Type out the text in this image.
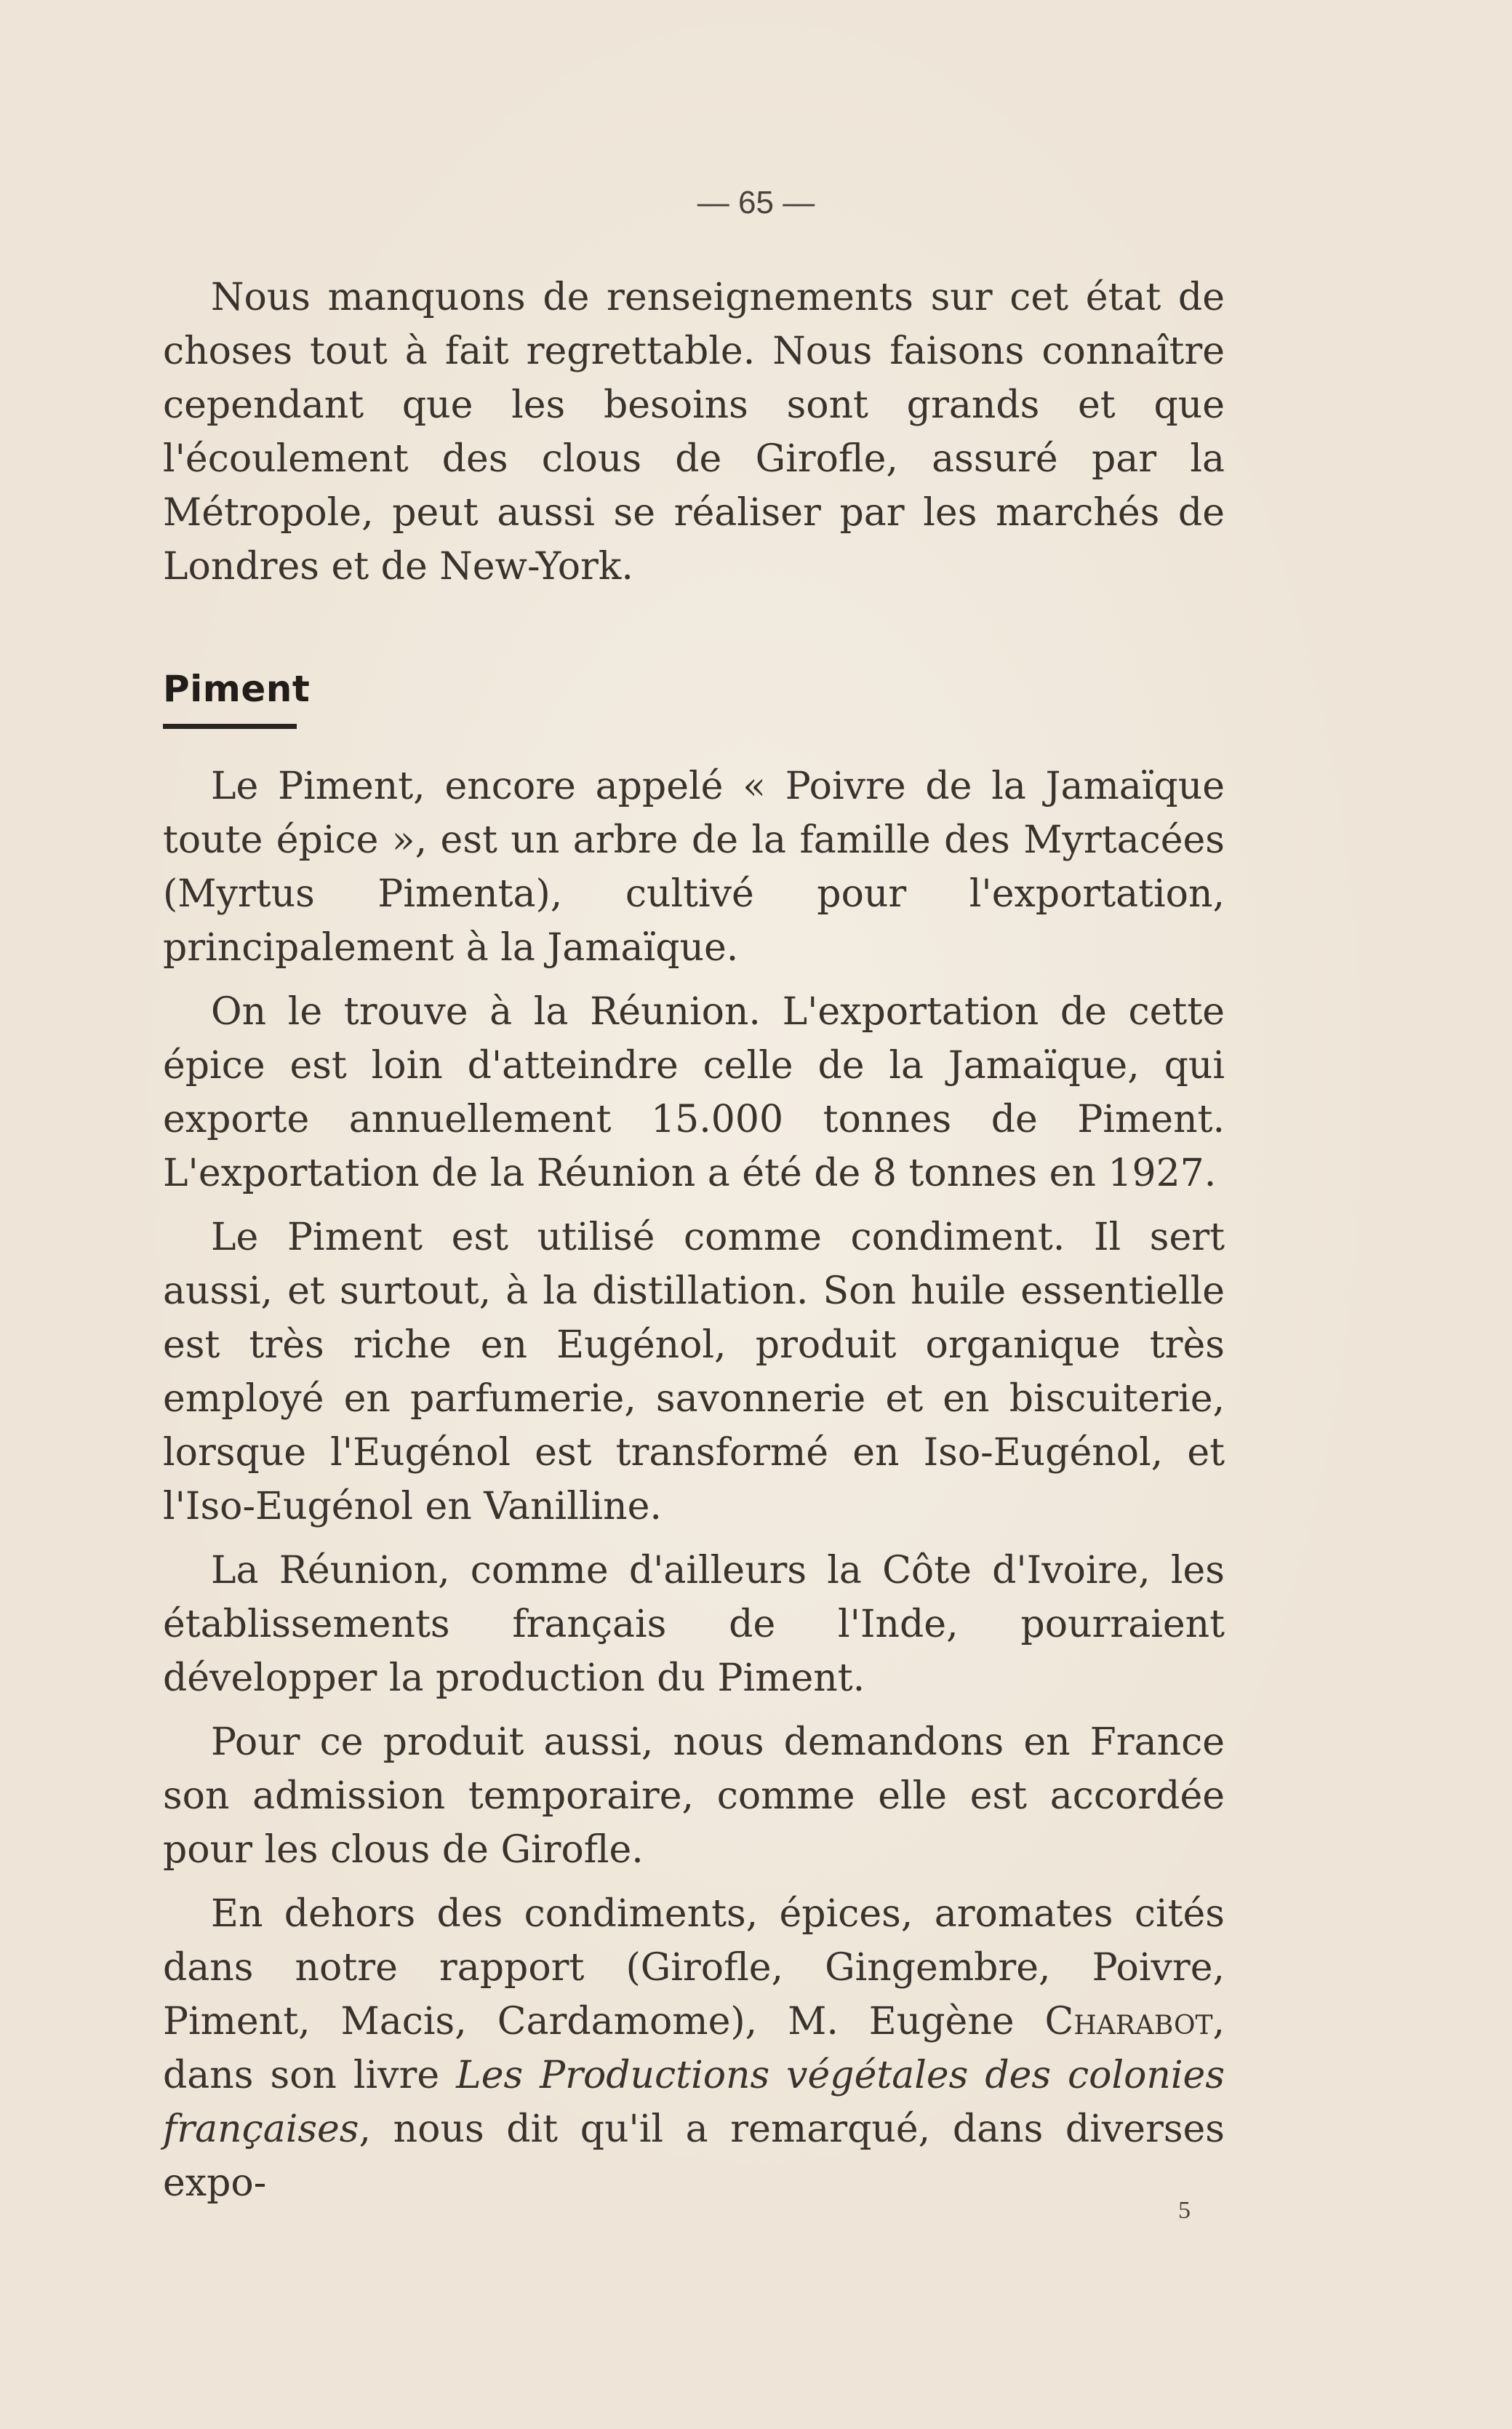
— 65 —

Nous manquons de renseignements sur cet état de choses tout à fait regrettable. Nous faisons connaître cependant que les besoins sont grands et que l'écoulement des clous de Girofle, assuré par la Métropole, peut aussi se réaliser par les marchés de Londres et de New-York.

Piment

Le Piment, encore appelé « Poivre de la Jamaïque toute épice », est un arbre de la famille des Myrtacées (Myrtus Pimenta), cultivé pour l'exportation, principalement à la Jamaïque.

On le trouve à la Réunion. L'exportation de cette épice est loin d'atteindre celle de la Jamaïque, qui exporte annuellement 15.000 tonnes de Piment. L'exportation de la Réunion a été de 8 tonnes en 1927.

Le Piment est utilisé comme condiment. Il sert aussi, et surtout, à la distillation. Son huile essentielle est très riche en Eugénol, produit organique très employé en parfumerie, savonnerie et en biscuiterie, lorsque l'Eugénol est transformé en Iso-Eugénol, et l'Iso-Eugénol en Vanilline.

La Réunion, comme d'ailleurs la Côte d'Ivoire, les établissements français de l'Inde, pourraient développer la production du Piment.

Pour ce produit aussi, nous demandons en France son admission temporaire, comme elle est accordée pour les clous de Girofle.

En dehors des condiments, épices, aromates cités dans notre rapport (Girofle, Gingembre, Poivre, Piment, Macis, Cardamome), M. Eugène Charabot, dans son livre Les Productions végétales des colonies françaises, nous dit qu'il a remarqué, dans diverses expo-

5
